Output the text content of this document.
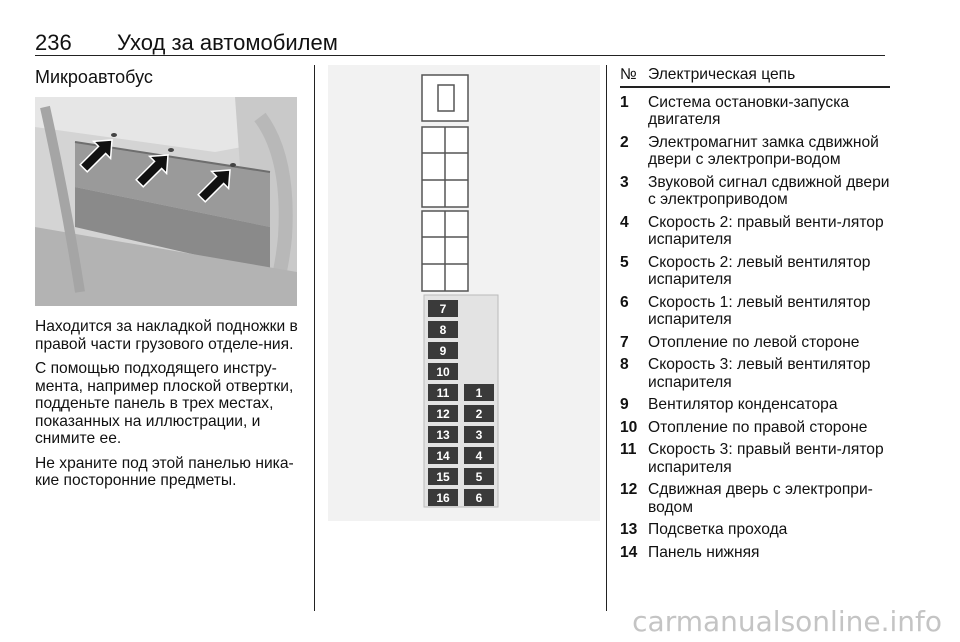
236 Уход за автомобилем
Микроавтобус

Находится за накладкой подножки в правой части грузового отделе-ния.

С помощью подходящего инстру-мента, например плоской отвертки, подденьте панель в трех местах, показанных на иллюстрации, и снимите ее.

Не храните под этой панелью ника-кие посторонние предметы.

7
8
9
10
11
12
13
14
15
16
1
2
3
4
5
6
№ Электрическая цепь
1	Система остановки-запуска двигателя
2	Электромагнит замка сдвижной двери с электропри-водом
3	Звуковой сигнал сдвижной двери с электроприводом
4	Скорость 2: правый венти-лятор испарителя
5	Скорость 2: левый вентилятор испарителя
6	Скорость 1: левый вентилятор испарителя
7	Отопление по левой стороне
8	Скорость 3: левый вентилятор испарителя
9	Вентилятор конденсатора
10 Отопление по правой стороне
11 Скорость 3: правый венти-лятор испарителя
12 Сдвижная дверь с электропри-водом
13 Подсветка прохода
14 Панель нижняя
carmanualsonline.info
